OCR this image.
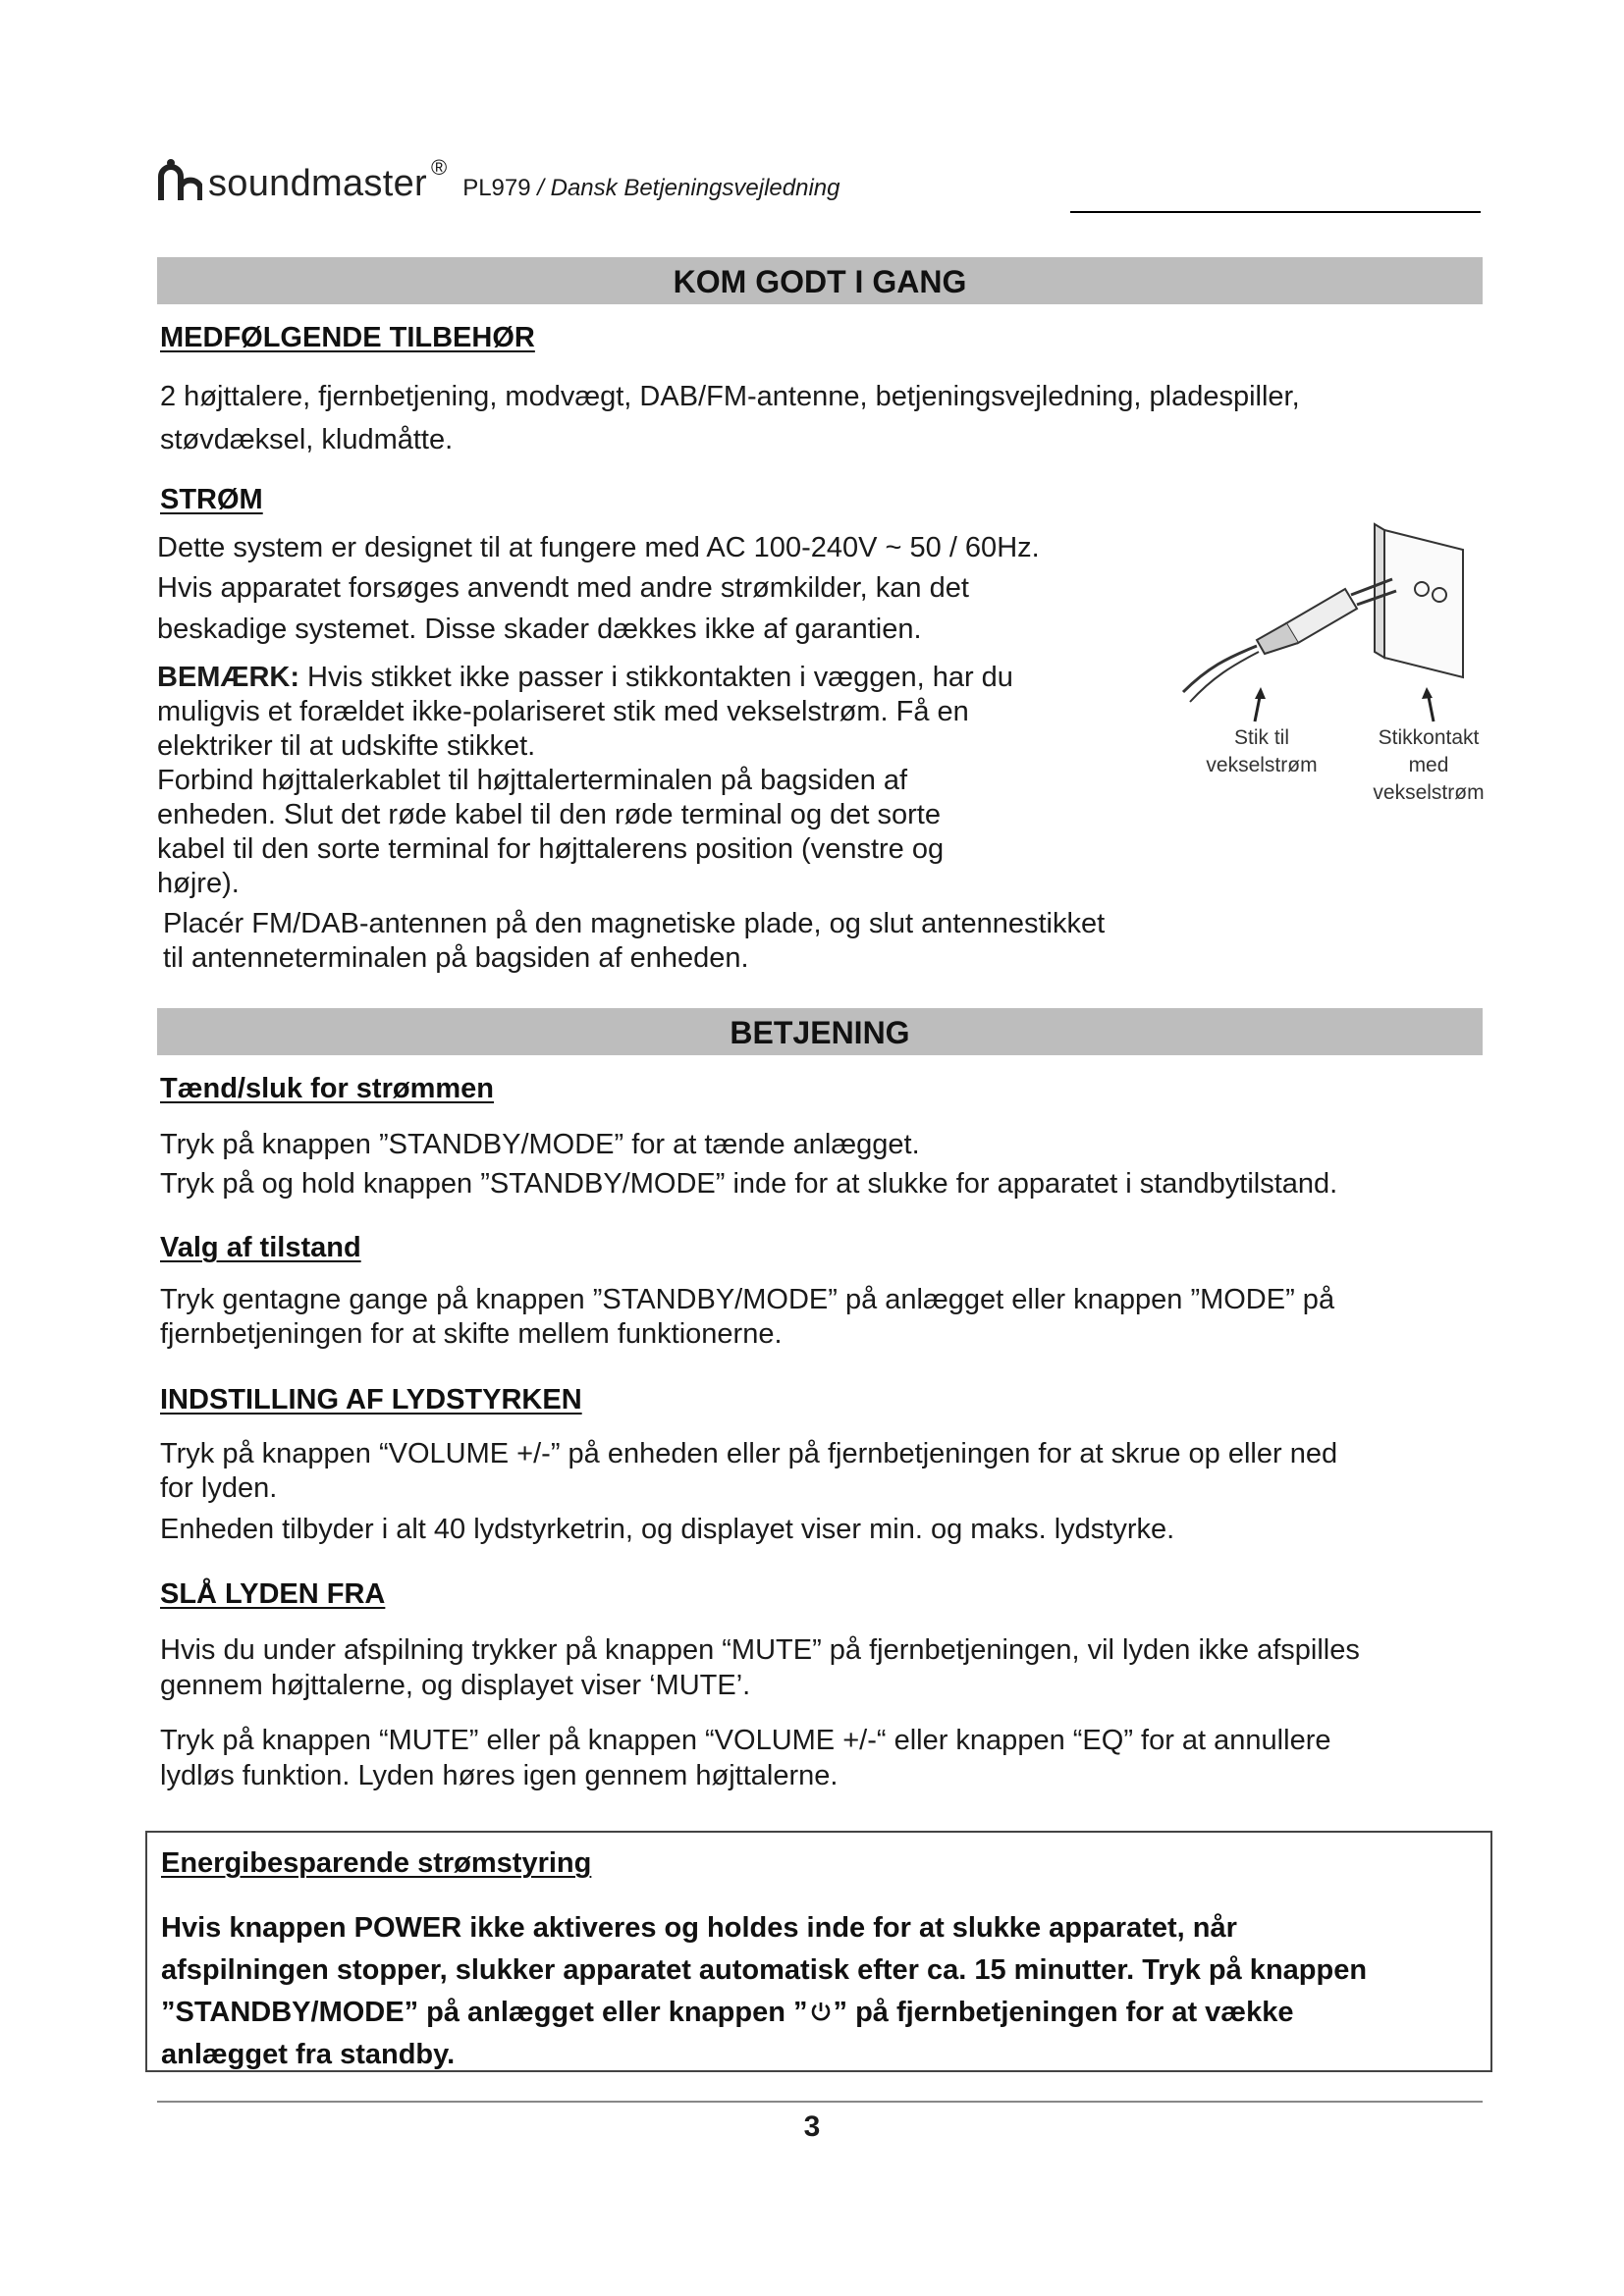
soundmaster ®
PL979 / Dansk Betjeningsvejledning
KOM GODT I GANG
MEDFØLGENDE TILBEHØR
2 højttalere, fjernbetjening, modvægt, DAB/FM-antenne, betjeningsvejledning, pladespiller,
støvdæksel, kludmåtte.
STRØM
Dette system er designet til at fungere med AC 100-240V ~ 50 / 60Hz.
Hvis apparatet forsøges anvendt med andre strømkilder, kan det
beskadige systemet. Disse skader dækkes ikke af garantien.
BEMÆRK: Hvis stikket ikke passer i stikkontakten i væggen, har du
muligvis et forældet ikke-polariseret stik med vekselstrøm. Få en
elektriker til at udskifte stikket.
Forbind højttalerkablet til højttalerterminalen på bagsiden af
enheden. Slut det røde kabel til den røde terminal og det sorte
kabel til den sorte terminal for højttalerens position (venstre og
højre).
Placér FM/DAB-antennen på den magnetiske plade, og slut antennestikket
til antenneterminalen på bagsiden af enheden.
Stik til
vekselstrøm
Stikkontakt
med
vekselstrøm
BETJENING
Tænd/sluk for strømmen
Tryk på knappen ”STANDBY/MODE” for at tænde anlægget.
Tryk på og hold knappen ”STANDBY/MODE” inde for at slukke for apparatet i standbytilstand.
Valg af tilstand
Tryk gentagne gange på knappen ”STANDBY/MODE” på anlægget eller knappen ”MODE” på
fjernbetjeningen for at skifte mellem funktionerne.
INDSTILLING AF LYDSTYRKEN
Tryk på knappen “VOLUME +/-” på enheden eller på fjernbetjeningen for at skrue op eller ned
for lyden.
Enheden tilbyder i alt 40 lydstyrketrin, og displayet viser min. og maks. lydstyrke.
SLÅ LYDEN FRA
Hvis du under afspilning trykker på knappen “MUTE” på fjernbetjeningen, vil lyden ikke afspilles
gennem højttalerne, og displayet viser ‘MUTE’.
Tryk på knappen “MUTE” eller på knappen “VOLUME +/-“ eller knappen “EQ” for at annullere
lydløs funktion. Lyden høres igen gennem højttalerne.
Energibesparende strømstyring
Hvis knappen POWER ikke aktiveres og holdes inde for at slukke apparatet, når
afspilningen stopper, slukker apparatet automatisk efter ca. 15 minutter. Tryk på knappen
”STANDBY/MODE” på anlægget eller knappen ” ” på fjernbetjeningen for at vække
anlægget fra standby.
3
